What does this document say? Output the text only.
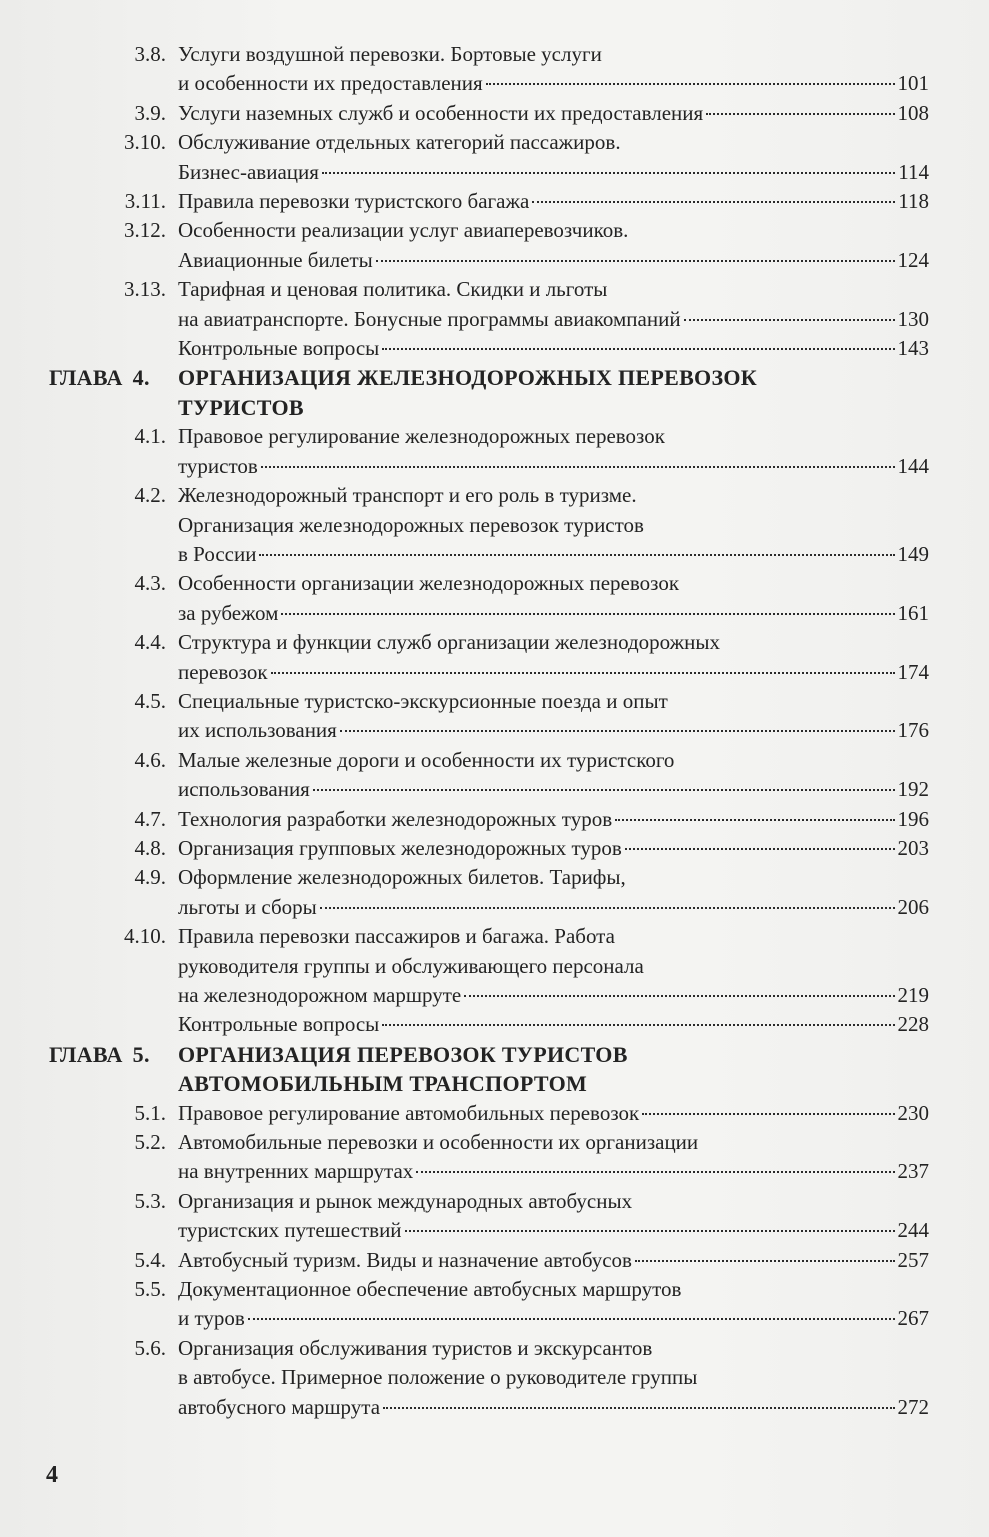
3.8. Услуги воздушной перевозки. Бортовые услуги
и особенности их предоставления	101
3.9. Услуги наземных служб и особенности их предоставления	108
3.10. Обслуживание отдельных категорий пассажиров.
Бизнес-авиация	114
3.11. Правила перевозки туристского багажа	118
3.12. Особенности реализации услуг авиаперевозчиков.
Авиационные билеты	124
3.13. Тарифная и ценовая политика. Скидки и льготы
на авиатранспорте. Бонусные программы авиакомпаний	130
Контрольные вопросы	143
ГЛАВА 4.	ОРГАНИЗАЦИЯ ЖЕЛЕЗНОДОРОЖНЫХ ПЕРЕВОЗОК
ТУРИСТОВ
4.1. Правовое регулирование железнодорожных перевозок
туристов	144
4.2. Железнодорожный транспорт и его роль в туризме.
Организация железнодорожных перевозок туристов
в России	149
4.3. Особенности организации железнодорожных перевозок
за рубежом	161
4.4. Структура и функции служб организации железнодорожных
перевозок	174
4.5. Специальные туристско-экскурсионные поезда и опыт
их использования	176
4.6. Малые железные дороги и особенности их туристского
использования	192
4.7. Технология разработки железнодорожных туров	196
4.8. Организация групповых железнодорожных туров	203
4.9. Оформление железнодорожных билетов. Тарифы,
льготы и сборы	206
4.10. Правила перевозки пассажиров и багажа. Работа
руководителя группы и обслуживающего персонала
на железнодорожном маршруте	219
Контрольные вопросы	228
ГЛАВА 5.	ОРГАНИЗАЦИЯ ПЕРЕВОЗОК ТУРИСТОВ
АВТОМОБИЛЬНЫМ ТРАНСПОРТОМ
5.1. Правовое регулирование автомобильных перевозок	230
5.2. Автомобильные перевозки и особенности их организации
на внутренних маршрутах	237
5.3. Организация и рынок международных автобусных
туристских путешествий	244
5.4. Автобусный туризм. Виды и назначение автобусов	257
5.5. Документационное обеспечение автобусных маршрутов
и туров	267
5.6. Организация обслуживания туристов и экскурсантов
в автобусе. Примерное положение о руководителе группы
автобусного маршрута	272
4
